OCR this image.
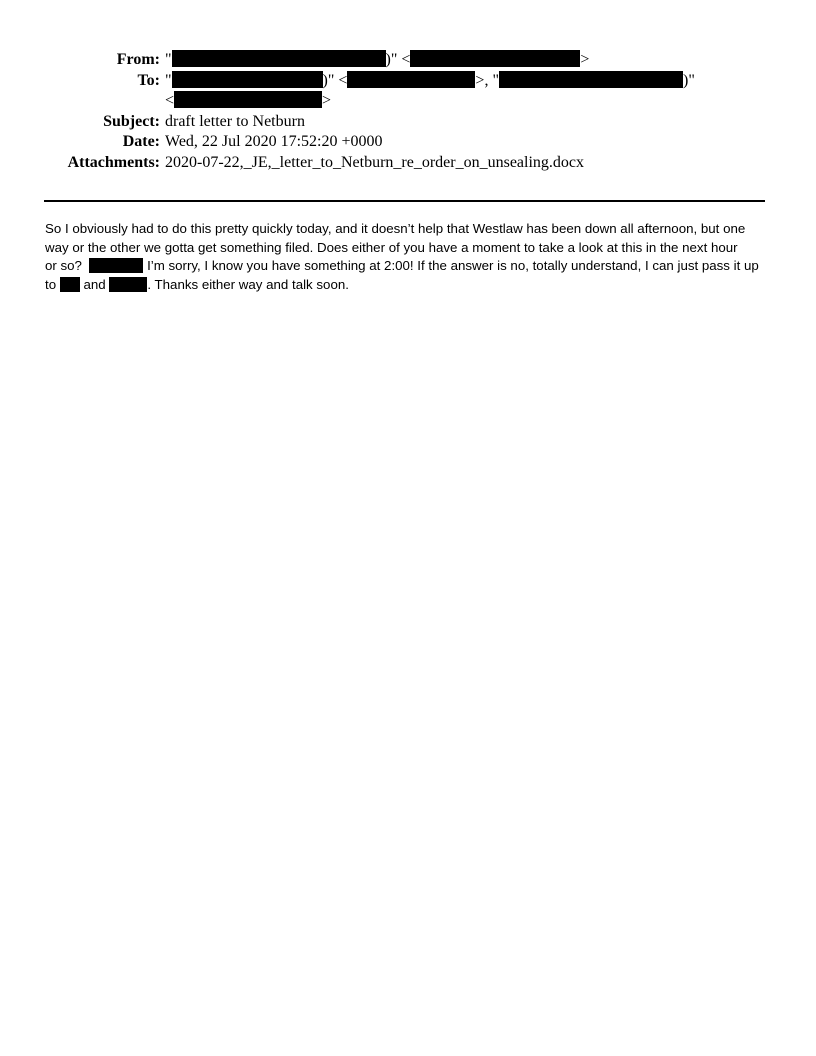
From: "	)" <	>
To: "	)" <	>, "	)"
<	>
Subject: draft letter to Netburn
Date: Wed, 22 Jul 2020 17:52:20 +0000
Attachments: 2020-07-22,_JE,_letter_to_Netburn_re_order_on_unsealing.docx

So I obviously had to do this pretty quickly today, and it doesn’t help that Westlaw has been down all afternoon, but one

way or the other we gotta get something filed. Does either of you have a moment to take a look at this in the next hour

or so?	I’m sorry, I know you have something at 2:00! If the answer is no, totally understand, I can just pass it up

to and	. Thanks either way and talk soon.
